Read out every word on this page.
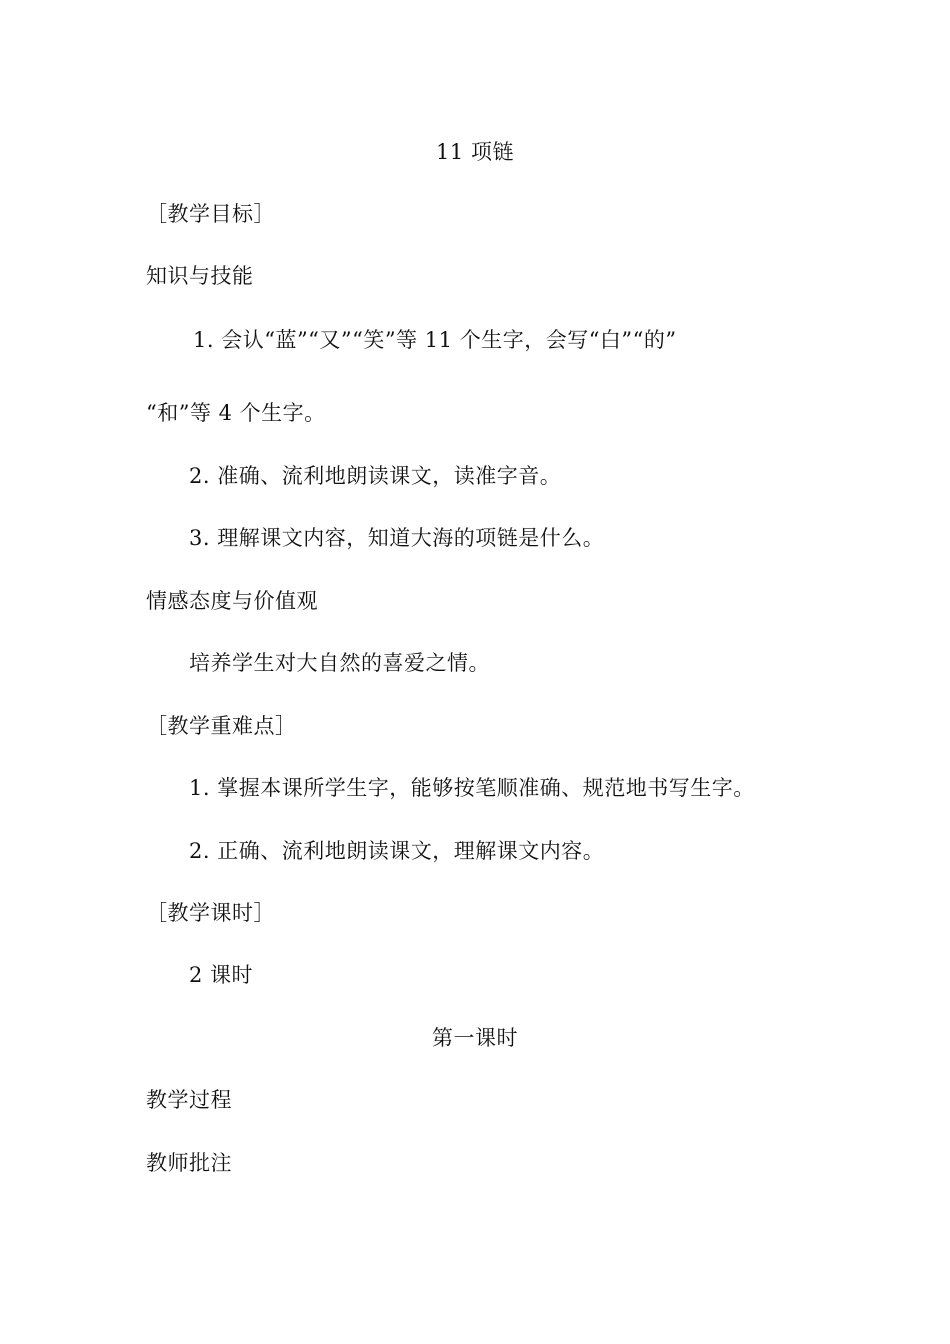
11 项链
［教学目标］
知识与技能
1. 会认“蓝”“又”“笑”等 11 个生字，会写“白”“的”
“和”等 4 个生字。
2. 准确、流利地朗读课文，读准字音。
3. 理解课文内容，知道大海的项链是什么。
情感态度与价值观
培养学生对大自然的喜爱之情。
［教学重难点］
1. 掌握本课所学生字，能够按笔顺准确、规范地书写生字。
2. 正确、流利地朗读课文，理解课文内容。
［教学课时］
2 课时
第一课时
教学过程
教师批注
